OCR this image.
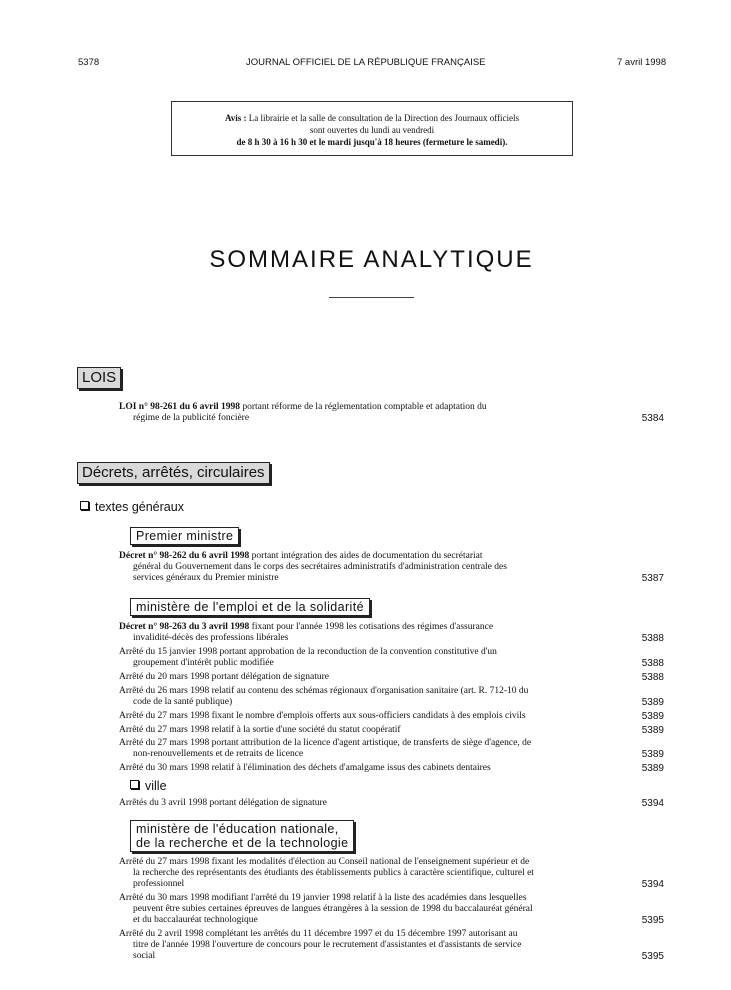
5378	JOURNAL OFFICIEL DE LA RÉPUBLIQUE FRANÇAISE	7 avril 1998
Avis : La librairie et la salle de consultation de la Direction des Journaux officiels
sont ouvertes du lundi au vendredi
de 8 h 30 à 16 h 30 et le mardi jusqu'à 18 heures (fermeture le samedi).
SOMMAIRE ANALYTIQUE
LOIS
LOI n° 98-261 du 6 avril 1998 portant réforme de la réglementation comptable et adaptation du
régime de la publicité foncière	5384
Décrets, arrêtés, circulaires
textes généraux
Premier ministre
Décret n° 98-262 du 6 avril 1998 portant intégration des aides de documentation du secrétariat
général du Gouvernement dans le corps des secrétaires administratifs d'administration centrale des
services généraux du Premier ministre	5387
ministère de l'emploi et de la solidarité
Décret n° 98-263 du 3 avril 1998 fixant pour l'année 1998 les cotisations des régimes d'assurance
invalidité-décès des professions libérales	5388
Arrêté du 15 janvier 1998 portant approbation de la reconduction de la convention constitutive d'un
groupement d'intérêt public modifiée	5388
Arrêté du 20 mars 1998 portant délégation de signature	5388
Arrêté du 26 mars 1998 relatif au contenu des schémas régionaux d'organisation sanitaire (art. R. 712-10 du
code de la santé publique)	5389
Arrêté du 27 mars 1998 fixant le nombre d'emplois offerts aux sous-officiers candidats à des emplois civils	5389
Arrêté du 27 mars 1998 relatif à la sortie d'une société du statut coopératif	5389
Arrêté du 27 mars 1998 portant attribution de la licence d'agent artistique, de transferts de siège d'agence, de
non-renouvellements et de retraits de licence	5389
Arrêté du 30 mars 1998 relatif à l'élimination des déchets d'amalgame issus des cabinets dentaires	5389
ville
Arrêtés du 3 avril 1998 portant délégation de signature	5394
ministère de l'éducation nationale,
de la recherche et de la technologie
Arrêté du 27 mars 1998 fixant les modalités d'élection au Conseil national de l'enseignement supérieur et de
la recherche des représentants des étudiants des établissements publics à caractère scientifique, culturel et
professionnel	5394
Arrêté du 30 mars 1998 modifiant l'arrêté du 19 janvier 1998 relatif à la liste des académies dans lesquelles
peuvent être subies certaines épreuves de langues étrangères à la session de 1998 du baccalauréat général
et du baccalauréat technologique	5395
Arrêté du 2 avril 1998 complétant les arrêtés du 11 décembre 1997 et du 15 décembre 1997 autorisant au
titre de l'année 1998 l'ouverture de concours pour le recrutement d'assistantes et d'assistants de service
social	5395
